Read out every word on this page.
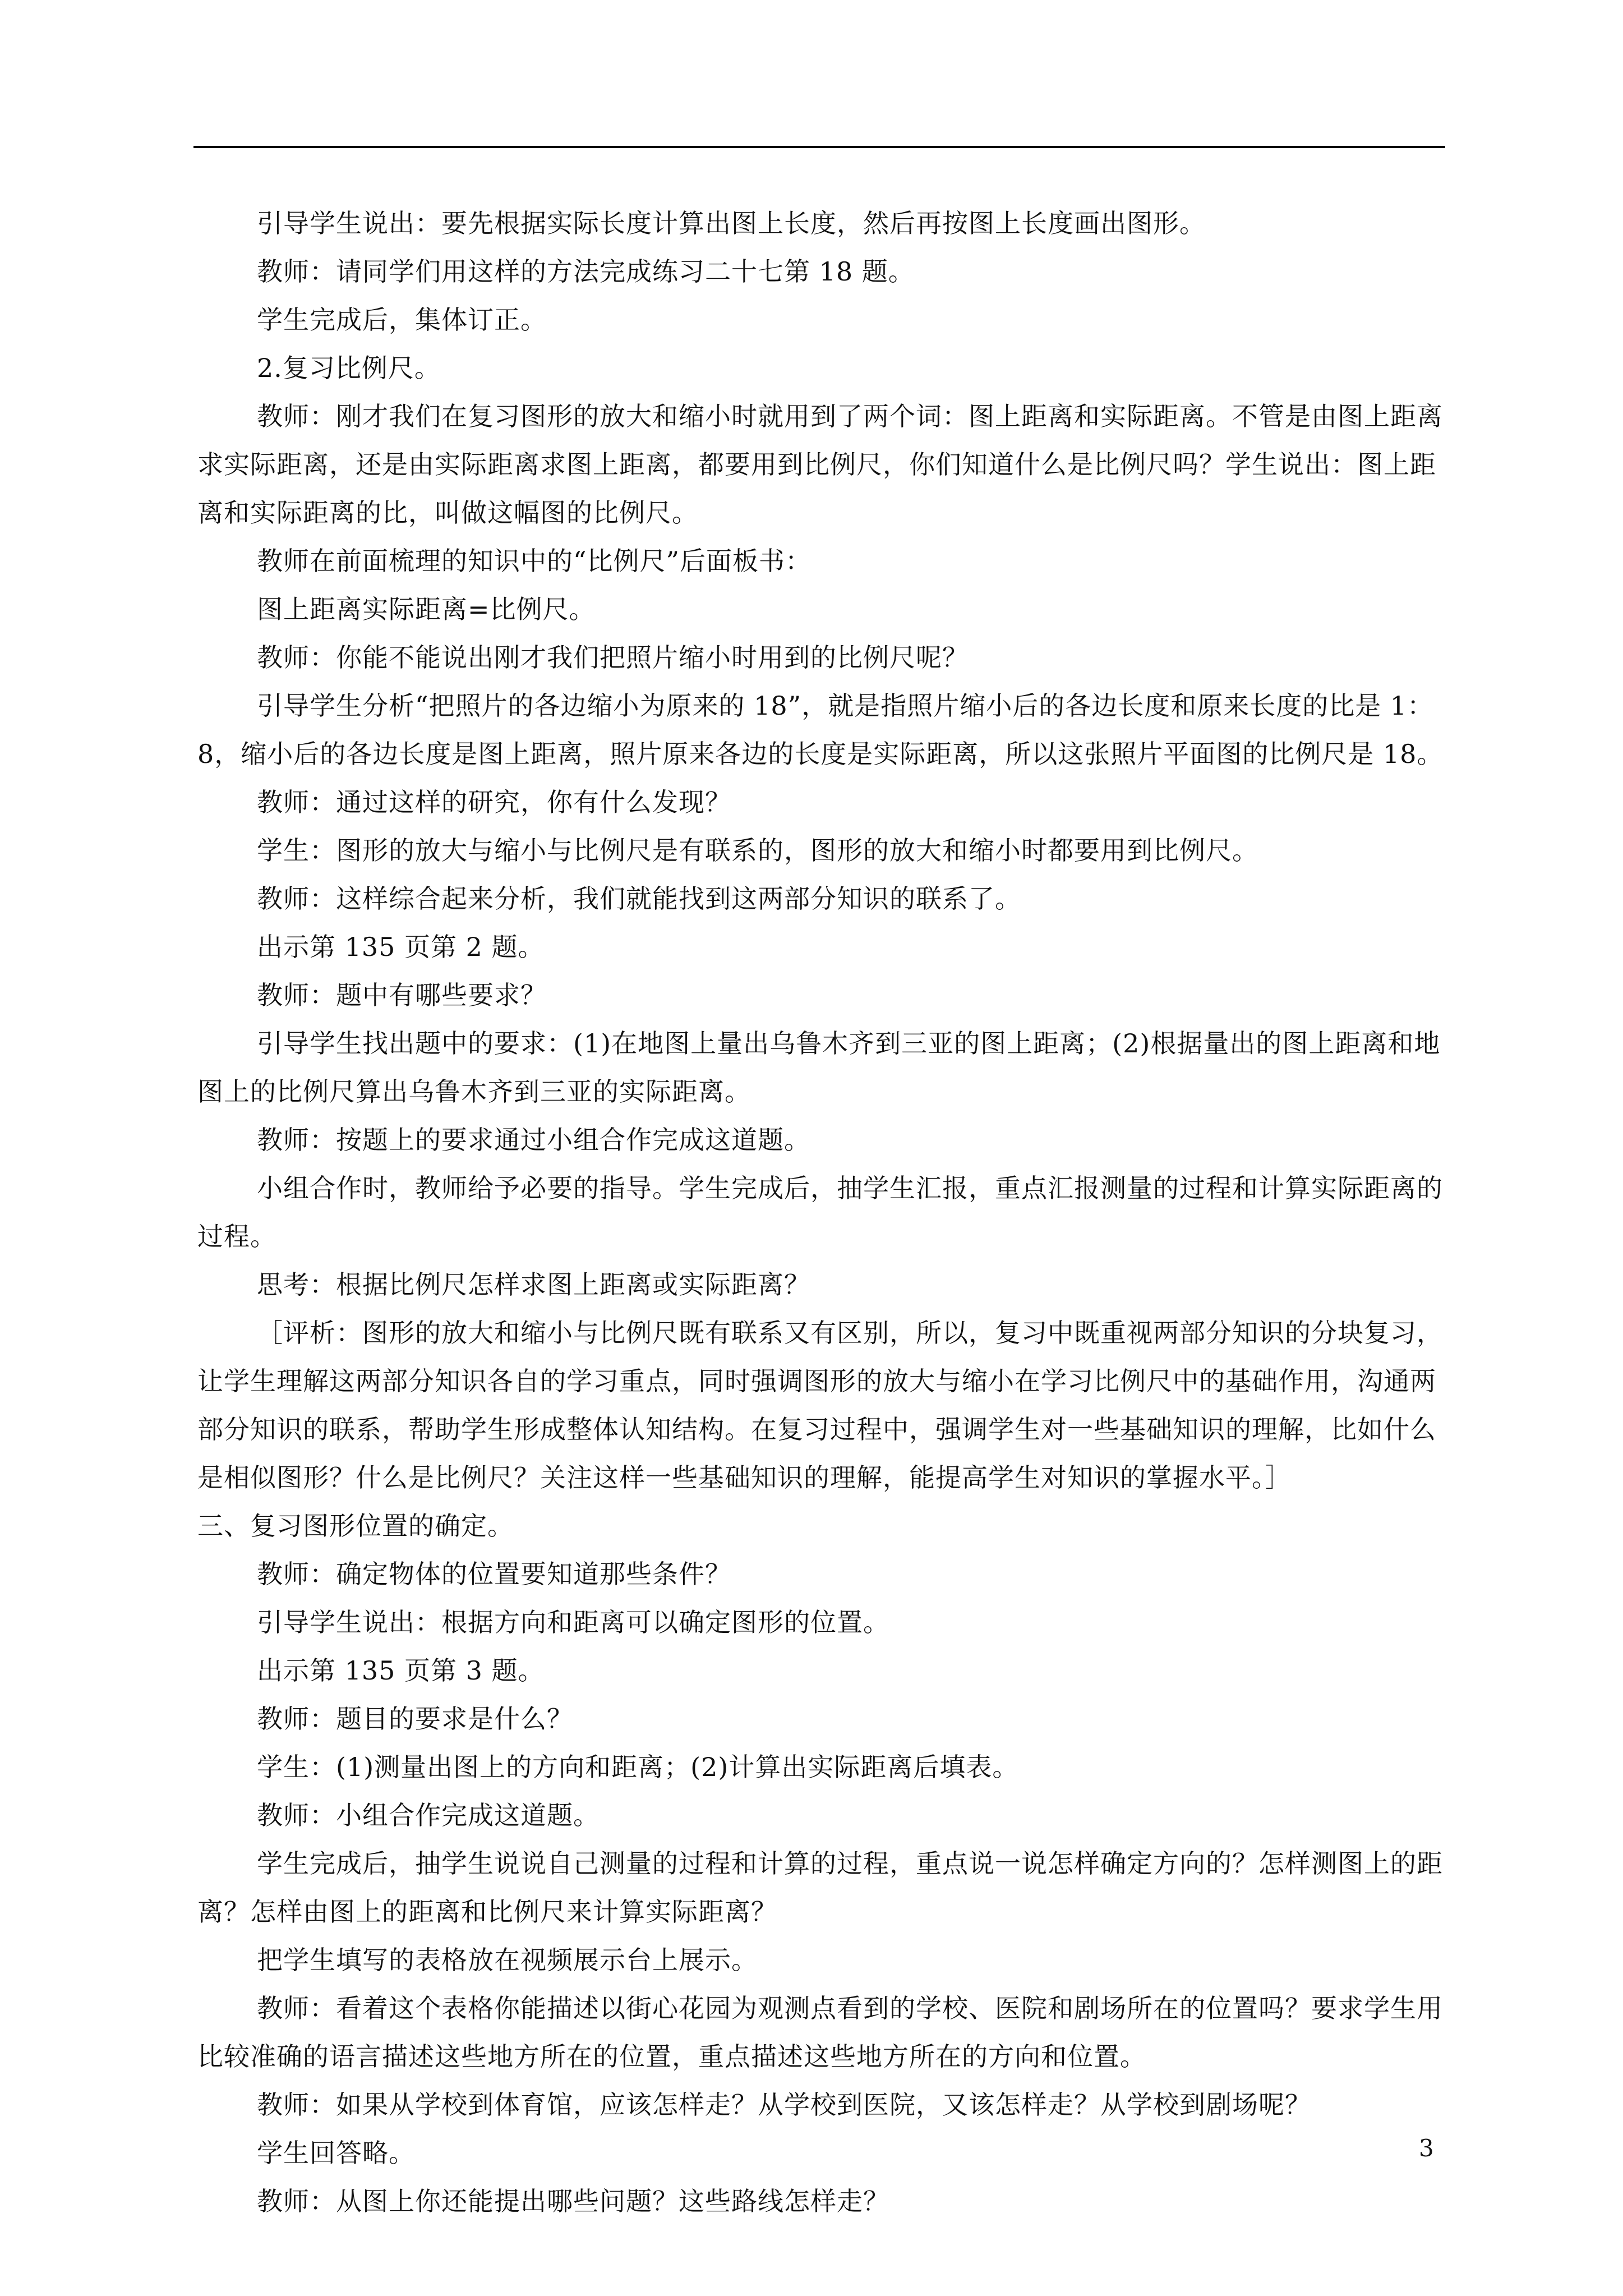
引导学生说出：要先根据实际长度计算出图上长度，然后再按图上长度画出图形。

教师：请同学们用这样的方法完成练习二十七第 18 题。

学生完成后，集体订正。

2.复习比例尺。

教师：刚才我们在复习图形的放大和缩小时就用到了两个词：图上距离和实际距离。不管是由图上距离求实际距离，还是由实际距离求图上距离，都要用到比例尺，你们知道什么是比例尺吗？学生说出：图上距离和实际距离的比，叫做这幅图的比例尺。

教师在前面梳理的知识中的“比例尺”后面板书：

图上距离实际距离=比例尺。

教师：你能不能说出刚才我们把照片缩小时用到的比例尺呢？

引导学生分析“把照片的各边缩小为原来的 18”，就是指照片缩小后的各边长度和原来长度的比是 1：8，缩小后的各边长度是图上距离，照片原来各边的长度是实际距离，所以这张照片平面图的比例尺是 18。

教师：通过这样的研究，你有什么发现？

学生：图形的放大与缩小与比例尺是有联系的，图形的放大和缩小时都要用到比例尺。

教师：这样综合起来分析，我们就能找到这两部分知识的联系了。

出示第 135 页第 2 题。

教师：题中有哪些要求？

引导学生找出题中的要求：(1)在地图上量出乌鲁木齐到三亚的图上距离；(2)根据量出的图上距离和地图上的比例尺算出乌鲁木齐到三亚的实际距离。

教师：按题上的要求通过小组合作完成这道题。

小组合作时，教师给予必要的指导。学生完成后，抽学生汇报，重点汇报测量的过程和计算实际距离的过程。

思考：根据比例尺怎样求图上距离或实际距离？

［评析：图形的放大和缩小与比例尺既有联系又有区别，所以，复习中既重视两部分知识的分块复习，让学生理解这两部分知识各自的学习重点，同时强调图形的放大与缩小在学习比例尺中的基础作用，沟通两部分知识的联系，帮助学生形成整体认知结构。在复习过程中，强调学生对一些基础知识的理解，比如什么是相似图形？什么是比例尺？关注这样一些基础知识的理解，能提高学生对知识的掌握水平。］

三、复习图形位置的确定。

教师：确定物体的位置要知道那些条件？

引导学生说出：根据方向和距离可以确定图形的位置。

出示第 135 页第 3 题。

教师：题目的要求是什么？

学生：(1)测量出图上的方向和距离；(2)计算出实际距离后填表。

教师：小组合作完成这道题。

学生完成后，抽学生说说自己测量的过程和计算的过程，重点说一说怎样确定方向的？怎样测图上的距离？怎样由图上的距离和比例尺来计算实际距离？

把学生填写的表格放在视频展示台上展示。

教师：看着这个表格你能描述以街心花园为观测点看到的学校、医院和剧场所在的位置吗？要求学生用比较准确的语言描述这些地方所在的位置，重点描述这些地方所在的方向和位置。

教师：如果从学校到体育馆，应该怎样走？从学校到医院，又该怎样走？从学校到剧场呢？

学生回答略。

教师：从图上你还能提出哪些问题？这些路线怎样走？

3
